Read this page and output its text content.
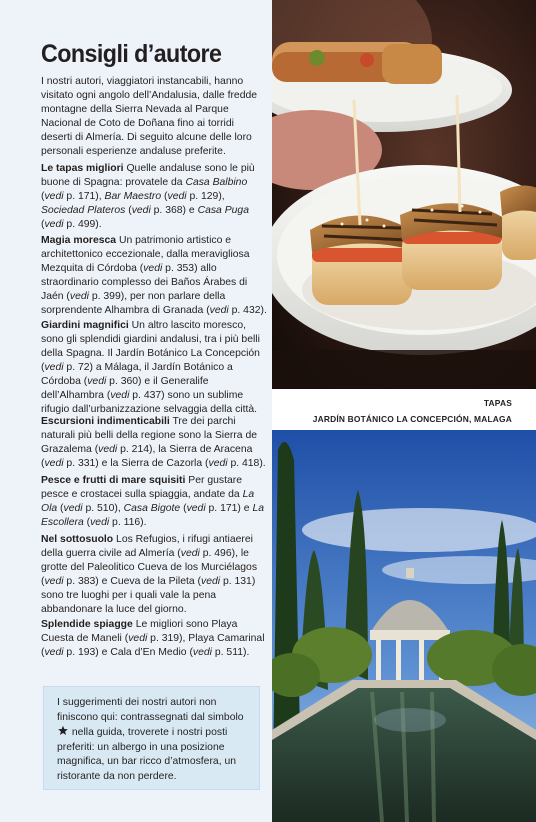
Consigli d’autore

I nostri autori, viaggiatori instancabili, hanno visitato ogni angolo dell’Andalusia, dalle fredde montagne della Sierra Nevada al Parque Nacional de Coto de Doñana fino ai torridi deserti di Almería. Di seguito alcune delle loro personali esperienze andaluse preferite.

Le tapas migliori Quelle andaluse sono le più buone di Spagna: provatele da Casa Balbino (vedi p. 171), Bar Maestro (vedi p. 129), Sociedad Plateros (vedi p. 368) e Casa Puga (vedi p. 499).

Magia moresca Un patrimonio artistico e architettonico eccezionale, dalla meravigliosa Mezquita di Córdoba (vedi p. 353) allo straordinario complesso dei Baños Árabes di Jaén (vedi p. 399), per non parlare della sorprendente Alhambra di Granada (vedi p. 432).

Giardini magnifici Un altro lascito moresco, sono gli splendidi giardini andalusi, tra i più belli della Spagna. Il Jardín Botánico La Concepción (vedi p. 72) a Málaga, il Jardín Botánico a Córdoba (vedi p. 360) e il Generalife dell’Alhambra (vedi p. 437) sono un sublime rifugio dall’urbanizzazione selvaggia della città.

Escursioni indimenticabili Tre dei parchi naturali più belli della regione sono la Sierra de Grazalema (vedi p. 214), la Sierra de Aracena (vedi p. 331) e la Sierra de Cazorla (vedi p. 418).

Pesce e frutti di mare squisiti Per gustare pesce e crostacei sulla spiaggia, andate da La Ola (vedi p. 510), Casa Bigote (vedi p. 171) e La Escollera (vedi p. 116).

Nel sottosuolo Los Refugios, i rifugi antiaerei della guerra civile ad Almería (vedi p. 496), le grotte del Paleolitico Cueva de los Murciélagos (vedi p. 383) e Cueva de la Pileta (vedi p. 131) sono tre luoghi per i quali vale la pena abbandonare la luce del giorno.

Splendide spiagge Le migliori sono Playa Cuesta de Maneli (vedi p. 319), Playa Camarinal (vedi p. 193) e Cala d’En Medio (vedi p. 511).

I suggerimenti dei nostri autori non finiscono qui: contrassegnati dal simbolo  nella guida, troverete i nostri posti preferiti: un albergo in una posizione magnifica, un bar ricco d’atmosfera, un ristorante da non perdere.
TAPAS
JARDÍN BOTÁNICO LA CONCEPCIÓN, MALAGA
